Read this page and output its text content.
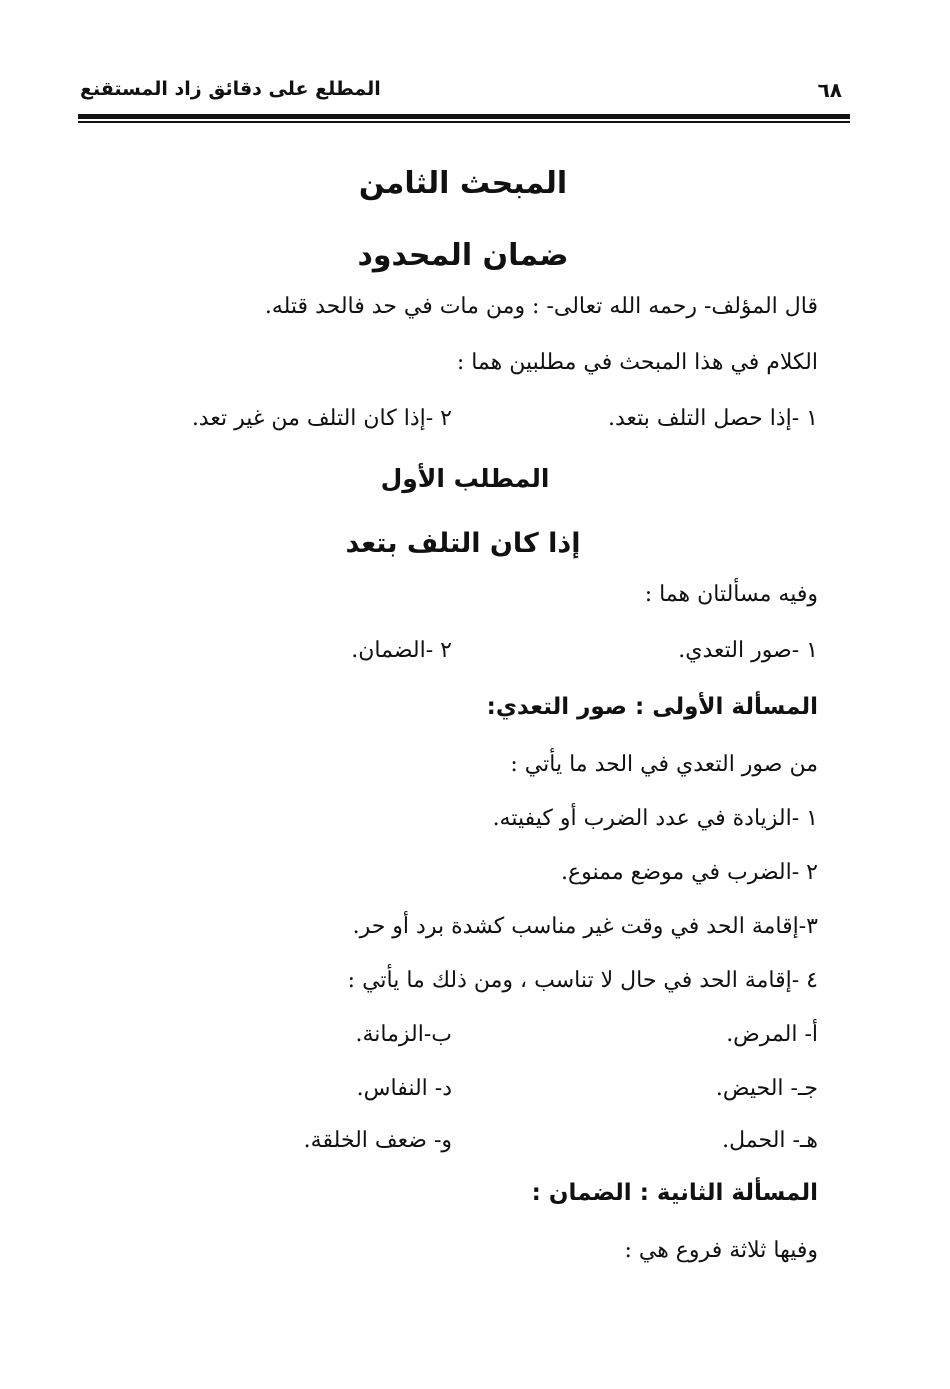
٦٨
المطلع على دقائق زاد المستقنع
المبحث الثامن
ضمان المحدود
قال المؤلف- رحمه الله تعالى- : ومن مات في حد فالحد قتله.
الكلام في هذا المبحث في مطلبين هما :
١ -إذا حصل التلف بتعد.
٢ -إذا كان التلف من غير تعد.
المطلب الأول
إذا كان التلف بتعد
وفيه مسألتان هما :
١ -صور التعدي.
٢ -الضمان.
المسألة الأولى : صور التعدي:
من صور التعدي في الحد ما يأتي :
١ -الزيادة في عدد الضرب أو كيفيته.
٢ -الضرب في موضع ممنوع.
٣-إقامة الحد في وقت غير مناسب كشدة برد أو حر.
٤ -إقامة الحد في حال لا تناسب ، ومن ذلك ما يأتي :
أ- المرض.
ب-الزمانة.
جـ- الحيض.
د- النفاس.
هـ- الحمل.
و- ضعف الخلقة.
المسألة الثانية : الضمان :
وفيها ثلاثة فروع هي :
